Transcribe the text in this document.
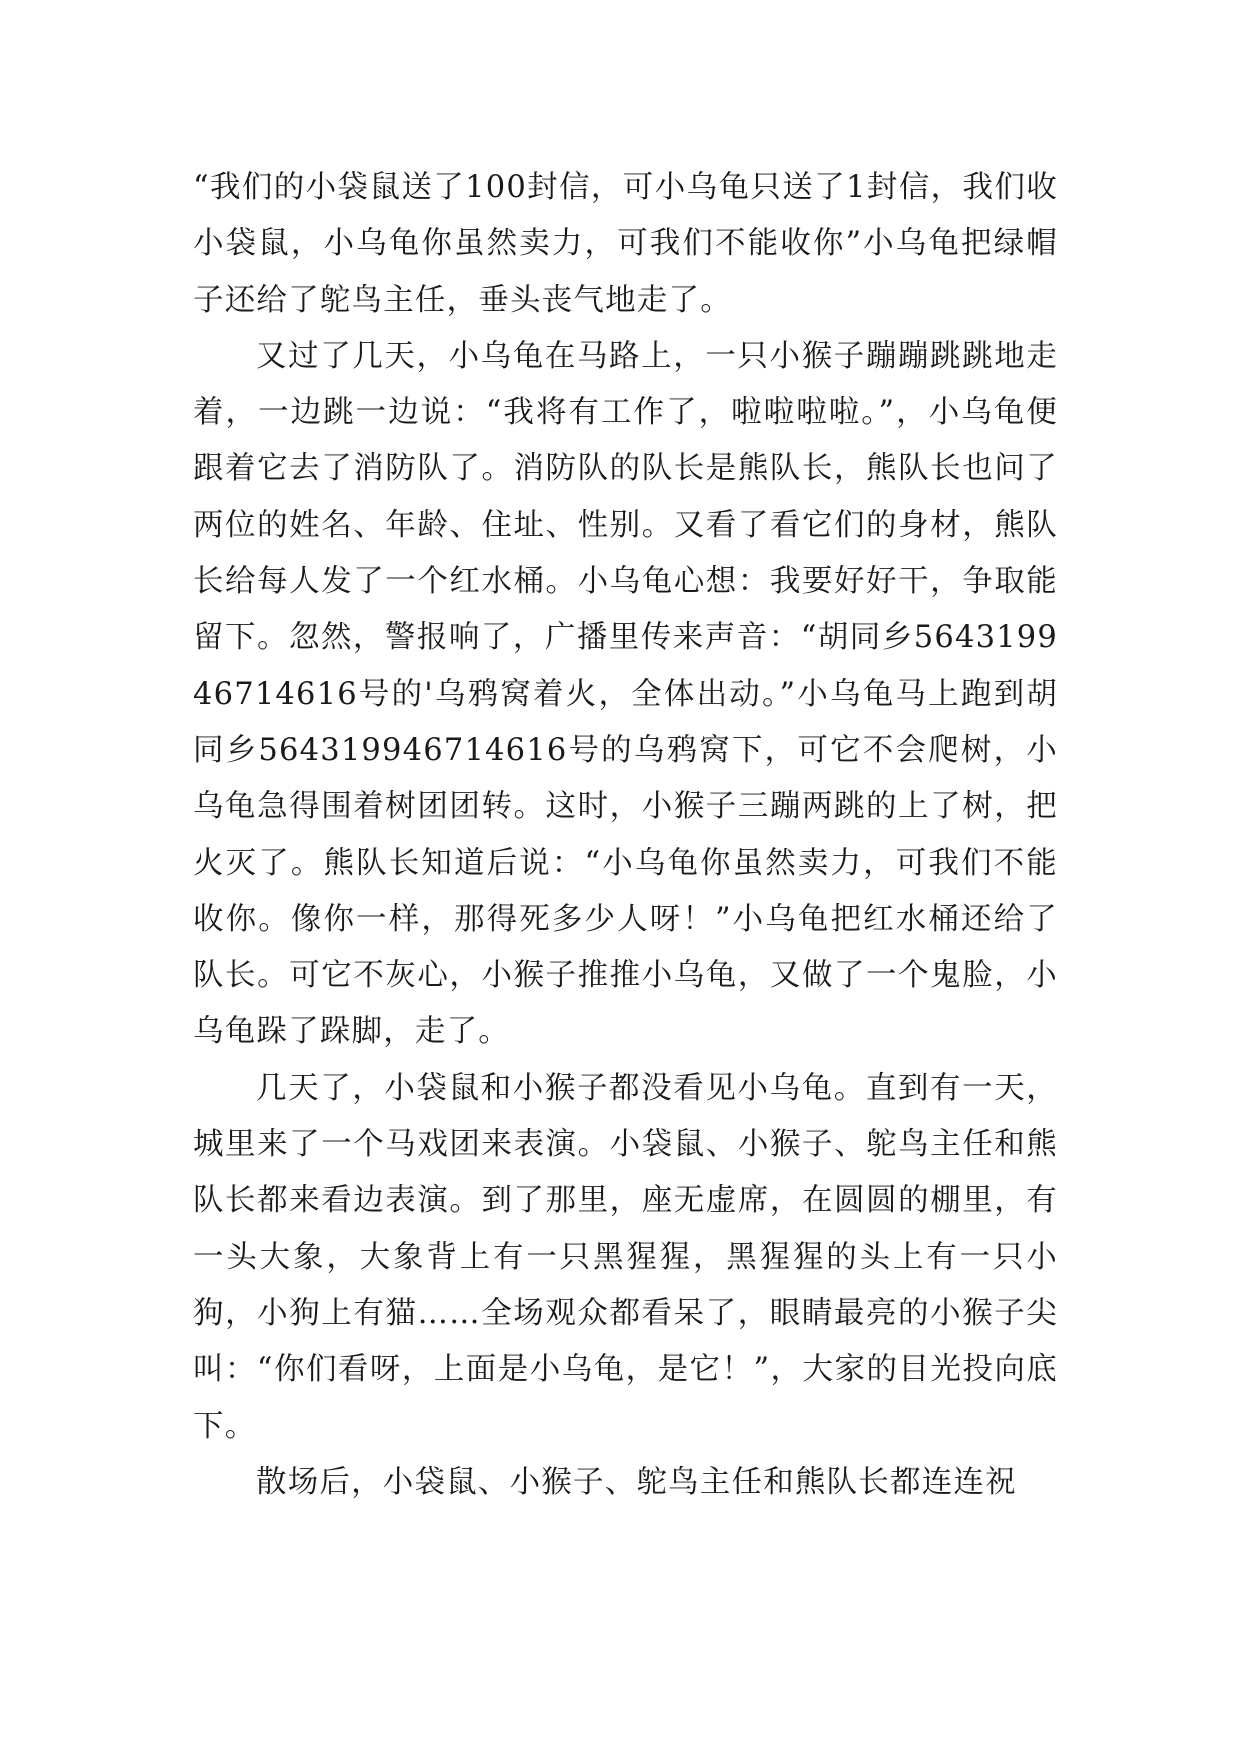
“我们的小袋鼠送了100封信，可小乌龟只送了1封信，我们收小袋鼠，小乌龟你虽然卖力，可我们不能收你”小乌龟把绿帽子还给了鸵鸟主任，垂头丧气地走了。

又过了几天，小乌龟在马路上，一只小猴子蹦蹦跳跳地走着，一边跳一边说：“我将有工作了，啦啦啦啦。”，小乌龟便跟着它去了消防队了。消防队的队长是熊队长，熊队长也问了两位的姓名、年龄、住址、性别。又看了看它们的身材，熊队长给每人发了一个红水桶。小乌龟心想：我要好好干，争取能留下。忽然，警报响了，广播里传来声音：“胡同乡564319946714616号的'乌鸦窝着火，全体出动。”小乌龟马上跑到胡同乡564319946714616号的乌鸦窝下，可它不会爬树，小乌龟急得围着树团团转。这时，小猴子三蹦两跳的上了树，把火灭了。熊队长知道后说：“小乌龟你虽然卖力，可我们不能收你。像你一样，那得死多少人呀！”小乌龟把红水桶还给了队长。可它不灰心，小猴子推推小乌龟，又做了一个鬼脸，小乌龟跺了跺脚，走了。

几天了，小袋鼠和小猴子都没看见小乌龟。直到有一天，城里来了一个马戏团来表演。小袋鼠、小猴子、鸵鸟主任和熊队长都来看边表演。到了那里，座无虚席，在圆圆的棚里，有一头大象，大象背上有一只黑猩猩，黑猩猩的头上有一只小狗，小狗上有猫……全场观众都看呆了，眼睛最亮的小猴子尖叫：“你们看呀，上面是小乌龟，是它！”，大家的目光投向底下。

散场后，小袋鼠、小猴子、鸵鸟主任和熊队长都连连祝
